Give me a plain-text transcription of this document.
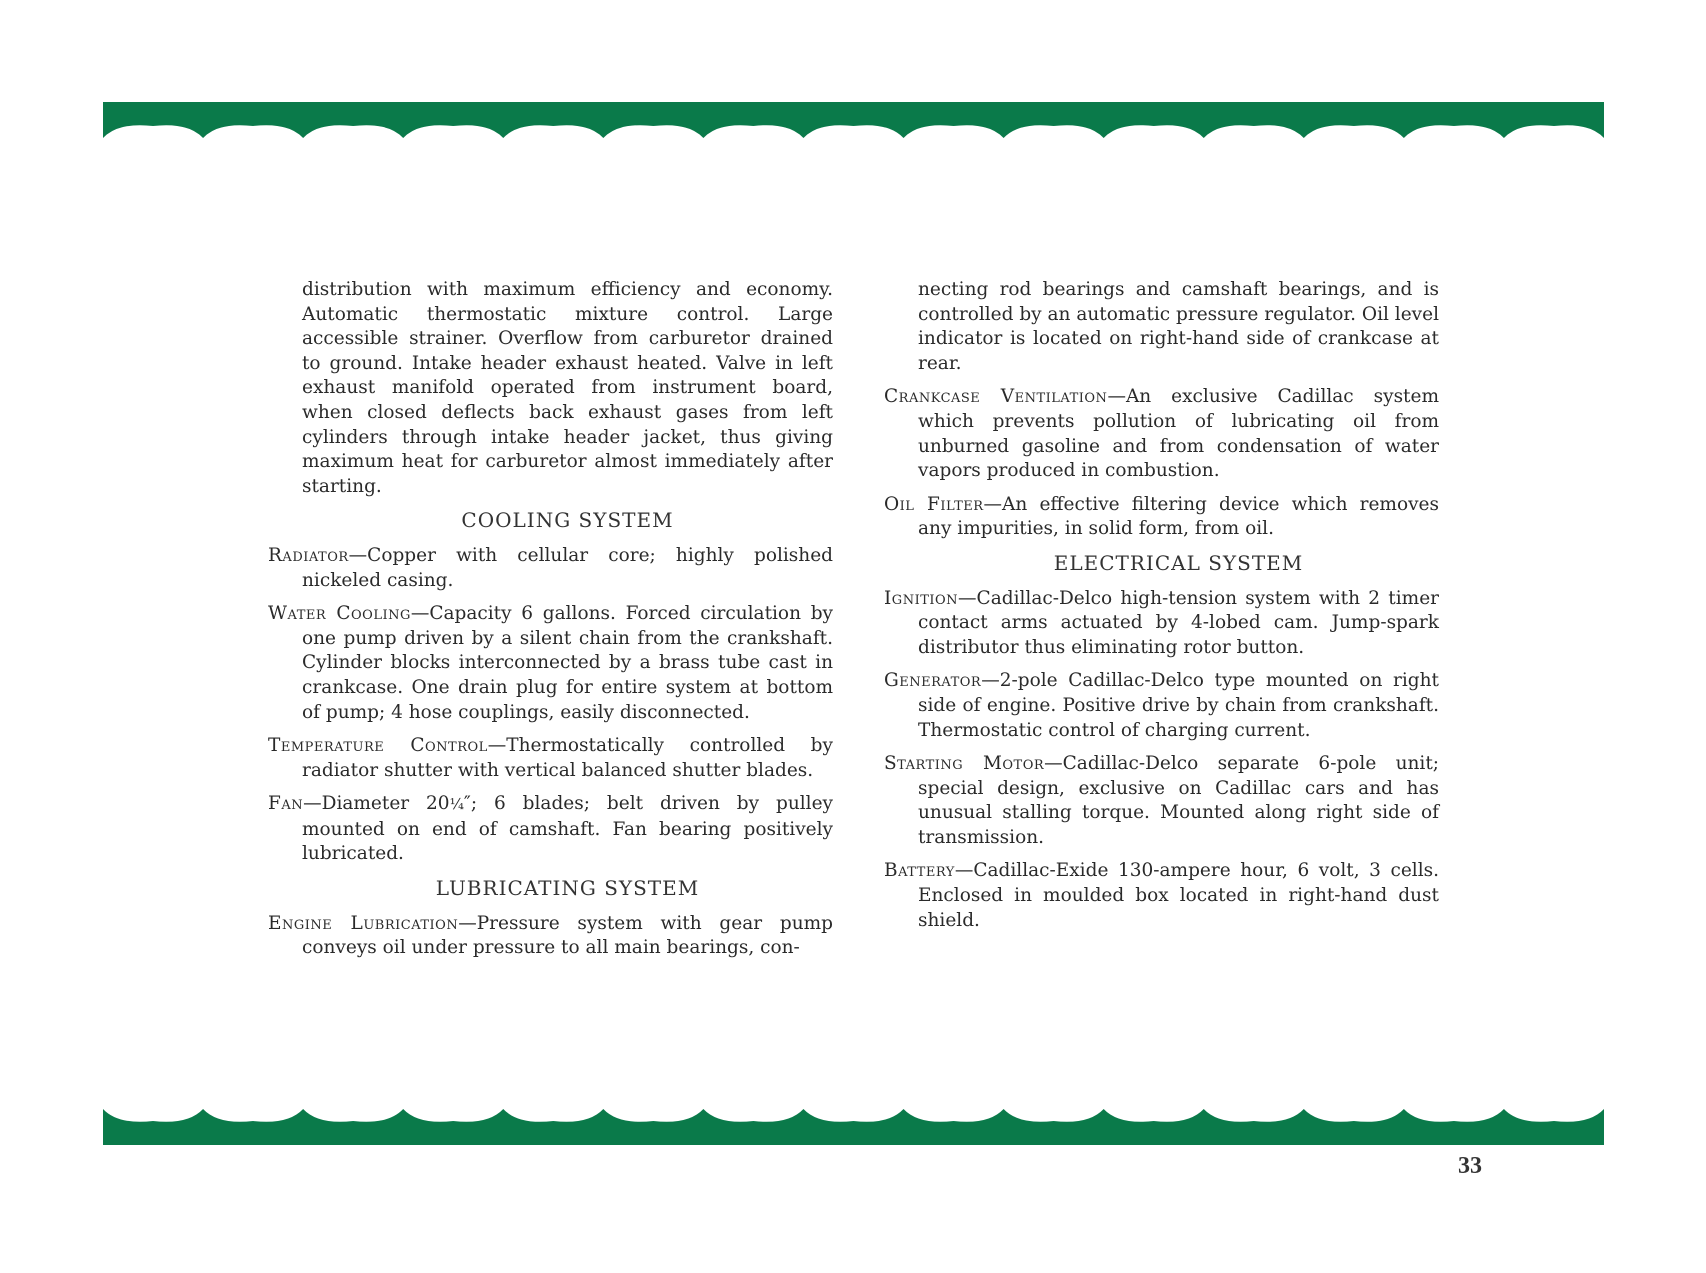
distribution with maximum efficiency and economy. Automatic thermostatic mixture control. Large accessible strainer. Overflow from carburetor drained to ground. Intake header exhaust heated. Valve in left exhaust manifold operated from instrument board, when closed deflects back exhaust gases from left cylinders through intake header jacket, thus giving maximum heat for carburetor almost immediately after starting.

COOLING SYSTEM

Radiator—Copper with cellular core; highly polished nickeled casing.

Water Cooling—Capacity 6 gallons. Forced circulation by one pump driven by a silent chain from the crankshaft. Cylinder blocks interconnected by a brass tube cast in crankcase. One drain plug for entire system at bottom of pump; 4 hose couplings, easily disconnected.

Temperature Control—Thermostatically controlled by radiator shutter with vertical balanced shutter blades.

Fan—Diameter 20¼″; 6 blades; belt driven by pulley mounted on end of camshaft. Fan bearing positively lubricated.

LUBRICATING SYSTEM

Engine Lubrication—Pressure system with gear pump conveys oil under pressure to all main bearings, con-

necting rod bearings and camshaft bearings, and is controlled by an automatic pressure regulator. Oil level indicator is located on right-hand side of crankcase at rear.

Crankcase Ventilation—An exclusive Cadillac system which prevents pollution of lubricating oil from unburned gasoline and from condensation of water vapors produced in combustion.

Oil Filter—An effective filtering device which removes any impurities, in solid form, from oil.

ELECTRICAL SYSTEM

Ignition—Cadillac-Delco high-tension system with 2 timer contact arms actuated by 4-lobed cam. Jump-spark distributor thus eliminating rotor button.

Generator—2-pole Cadillac-Delco type mounted on right side of engine. Positive drive by chain from crankshaft. Thermostatic control of charging current.

Starting Motor—Cadillac-Delco separate 6-pole unit; special design, exclusive on Cadillac cars and has unusual stalling torque. Mounted along right side of transmission.

Battery—Cadillac-Exide 130-ampere hour, 6 volt, 3 cells. Enclosed in moulded box located in right-hand dust shield.

33
